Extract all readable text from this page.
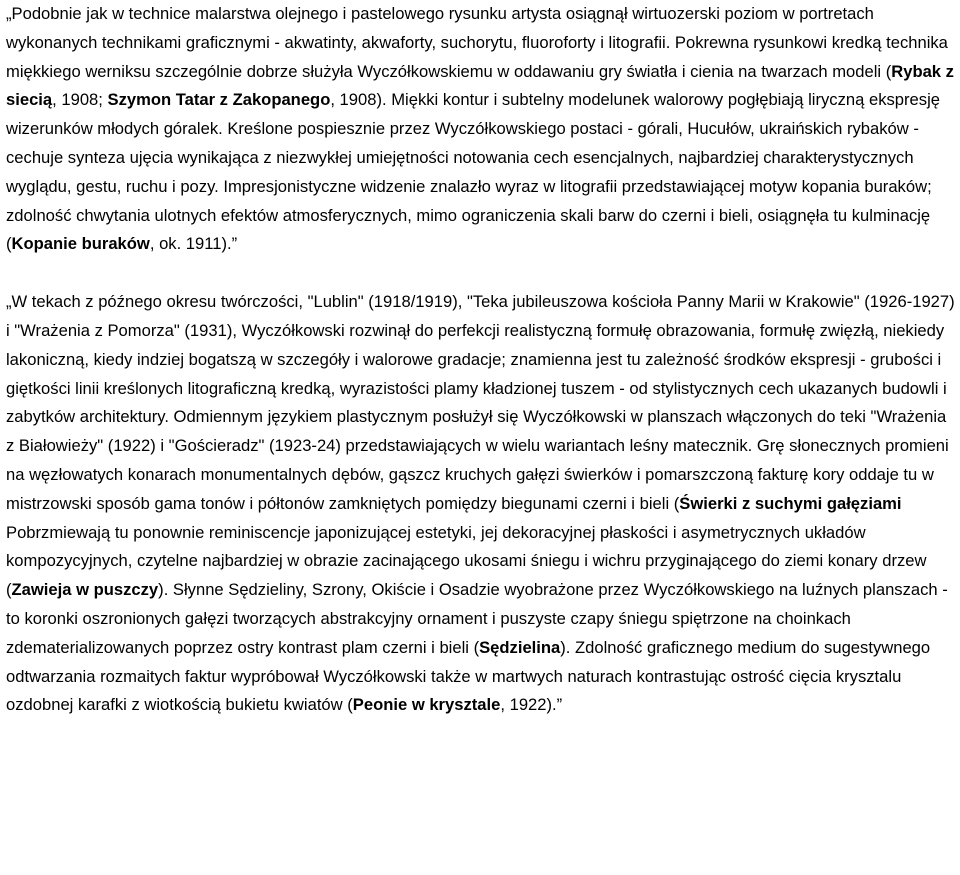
„Podobnie jak w technice malarstwa olejnego i pastelowego rysunku artysta osiągnął wirtuozerski poziom w portretach wykonanych technikami graficznymi - akwatinty, akwaforty, suchorytu, fluoroforty i litografii. Pokrewna rysunkowi kredką technika miękkiego werniksu szczególnie dobrze służyła Wyczółkowskiemu w oddawaniu gry światła i cienia na twarzach modeli (Rybak z siecią, 1908; Szymon Tatar z Zakopanego, 1908). Miękki kontur i subtelny modelunek walorowy pogłębiają liryczną ekspresję wizerunków młodych góralek. Kreślone pospiesznie przez Wyczółkowskiego postaci - górali, Hucułów, ukraińskich rybaków - cechuje synteza ujęcia wynikająca z niezwykłej umiejętności notowania cech esencjalnych, najbardziej charakterystycznych wyglądu, gestu, ruchu i pozy. Impresjonistyczne widzenie znalazło wyraz w litografii przedstawiającej motyw kopania buraków; zdolność chwytania ulotnych efektów atmosferycznych, mimo ograniczenia skali barw do czerni i bieli, osiągnęła tu kulminację (Kopanie buraków, ok. 1911).”

„W tekach z późnego okresu twórczości, "Lublin" (1918/1919), "Teka jubileuszowa kościoła Panny Marii w Krakowie" (1926-1927) i "Wrażenia z Pomorza" (1931), Wyczółkowski rozwinął do perfekcji realistyczną formułę obrazowania, formułę zwięzłą, niekiedy lakoniczną, kiedy indziej bogatszą w szczegóły i walorowe gradacje; znamienna jest tu zależność środków ekspresji - grubości i giętkości linii kreślonych litograficzną kredką, wyrazistości plamy kładzionej tuszem - od stylistycznych cech ukazanych budowli i zabytków architektury. Odmiennym językiem plastycznym posłużył się Wyczółkowski w planszach włączonych do teki "Wrażenia z Białowieży" (1922) i "Gościeradz" (1923-24) przedstawiających w wielu wariantach leśny matecznik. Grę słonecznych promieni na węzłowatych konarach monumentalnych dębów, gąszcz kruchych gałęzi świerków i pomarszczoną fakturę kory oddaje tu w mistrzowski sposób gama tonów i półtonów zamkniętych pomiędzy biegunami czerni i bieli (Świerki z suchymi gałęziami Pobrzmiewają tu ponownie reminiscencje japonizującej estetyki, jej dekoracyjnej płaskości i asymetrycznych układów kompozycyjnych, czytelne najbardziej w obrazie zacinającego ukosami śniegu i wichru przyginającego do ziemi konary drzew (Zawieja w puszczy). Słynne Sędzieliny, Szrony, Okiście i Osadzie wyobrażone przez Wyczółkowskiego na luźnych planszach - to koronki oszronionych gałęzi tworzących abstrakcyjny ornament i puszyste czapy śniegu spiętrzone na choinkach zdematerializowanych poprzez ostry kontrast plam czerni i bieli (Sędzielina). Zdolność graficznego medium do sugestywnego odtwarzania rozmaitych faktur wypróbował Wyczółkowski także w martwych naturach kontrastując ostrość cięcia krysztalu ozdobnej karafki z wiotkością bukietu kwiatów (Peonie w krysztale, 1922).”
